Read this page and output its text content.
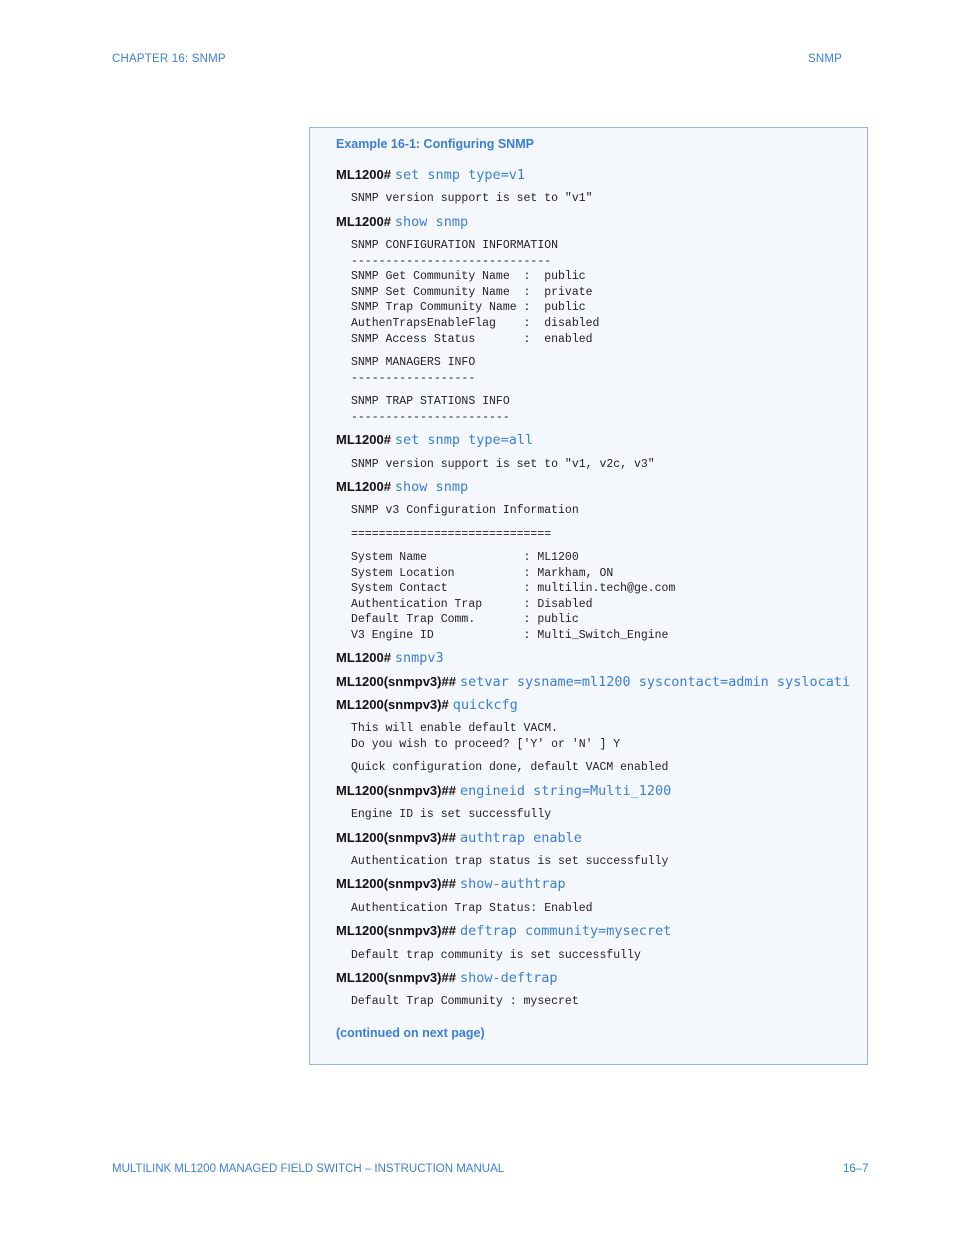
CHAPTER 16: SNMP	SNMP
Example 16-1: Configuring SNMP
ML1200# set snmp type=v1
SNMP version support is set to "v1"
ML1200# show snmp
SNMP CONFIGURATION INFORMATION
-----------------------------
SNMP Get Community Name  :  public
SNMP Set Community Name  :  private
SNMP Trap Community Name :  public
AuthenTrapsEnableFlag    :  disabled
SNMP Access Status       :  enabled
SNMP MANAGERS INFO
------------------
SNMP TRAP STATIONS INFO
-----------------------
ML1200# set snmp type=all
SNMP version support is set to "v1, v2c, v3"
ML1200# show snmp
SNMP v3 Configuration Information
=============================
System Name              : ML1200
System Location          : Markham, ON
System Contact           : multilin.tech@ge.com
Authentication Trap      : Disabled
Default Trap Comm.       : public
V3 Engine ID             : Multi_Switch_Engine
ML1200# snmpv3
ML1200(snmpv3)## setvar sysname=ml1200 syscontact=admin syslocati
ML1200(snmpv3)# quickcfg
This will enable default VACM.
Do you wish to proceed? ['Y' or 'N' ] Y
Quick configuration done, default VACM enabled
ML1200(snmpv3)## engineid string=Multi_1200
Engine ID is set successfully
ML1200(snmpv3)## authtrap enable
Authentication trap status is set successfully
ML1200(snmpv3)## show-authtrap
Authentication Trap Status: Enabled
ML1200(snmpv3)## deftrap community=mysecret
Default trap community is set successfully
ML1200(snmpv3)## show-deftrap
Default Trap Community : mysecret
(continued on next page)
MULTILINK ML1200 MANAGED FIELD SWITCH – INSTRUCTION MANUAL	16–7
